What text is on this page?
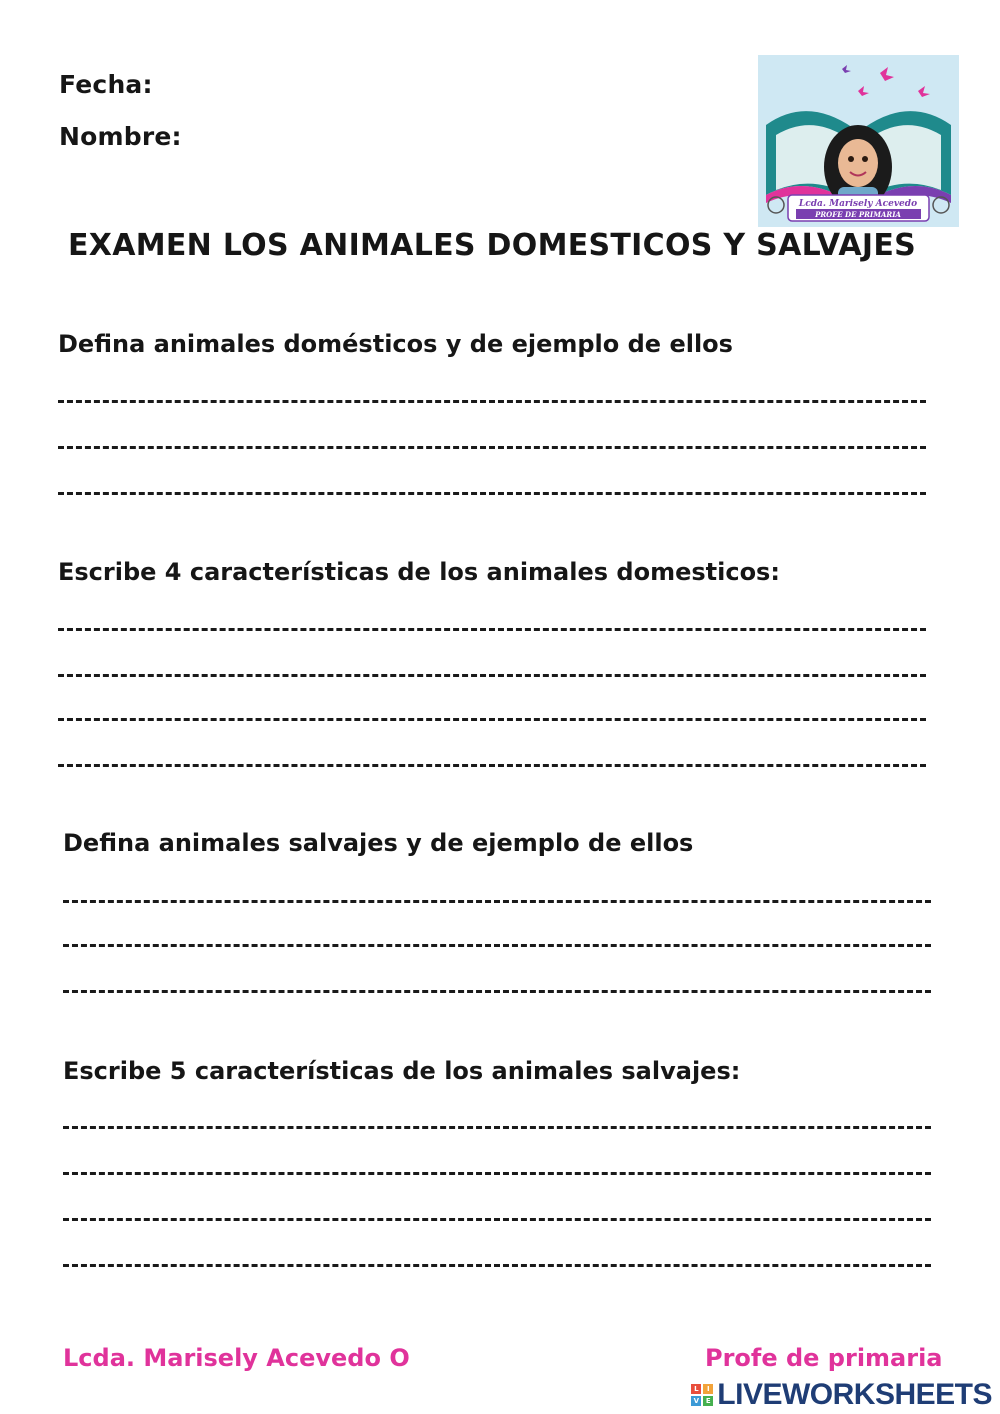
Fecha:
Nombre:
Lcda. Marisely Acevedo
PROFE DE PRIMARIA
EXAMEN LOS ANIMALES DOMESTICOS Y SALVAJES
Defina animales domésticos y de ejemplo de ellos
Escribe 4 características de los animales domesticos:
Defina animales salvajes y de ejemplo de ellos
Escribe 5 características de los animales salvajes:
Lcda. Marisely Acevedo O	Profe de primaria
L	I
V E LIVEWORKSHEETS
